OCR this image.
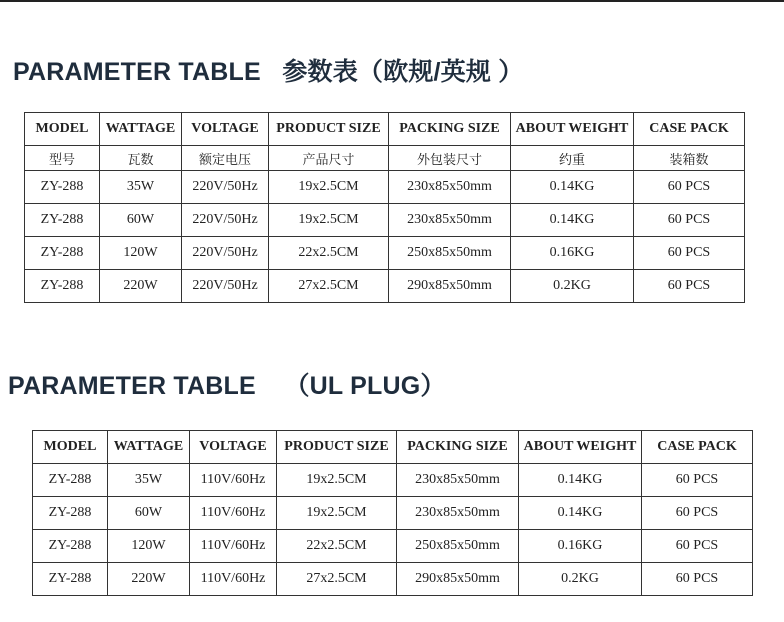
PARAMETER TABLE   参数表（欧规/英规 ）
MODEL	WATTAGE	VOLTAGE	PRODUCT SIZE	PACKING SIZE	ABOUT WEIGHT	CASE PACK
型号	瓦数	额定电压	产品尺寸	外包装尺寸	约重	装箱数
ZY-288	35W	220V/50Hz	19x2.5CM	230x85x50mm	0.14KG	60 PCS
ZY-288	60W	220V/50Hz	19x2.5CM	230x85x50mm	0.14KG	60 PCS
ZY-288	120W	220V/50Hz	22x2.5CM	250x85x50mm	0.16KG	60 PCS
ZY-288	220W	220V/50Hz	27x2.5CM	290x85x50mm	0.2KG	60 PCS
PARAMETER TABLE    （UL PLUG）
MODEL	WATTAGE	VOLTAGE	PRODUCT SIZE	PACKING SIZE	ABOUT WEIGHT	CASE PACK
ZY-288	35W	110V/60Hz	19x2.5CM	230x85x50mm	0.14KG	60 PCS
ZY-288	60W	110V/60Hz	19x2.5CM	230x85x50mm	0.14KG	60 PCS
ZY-288	120W	110V/60Hz	22x2.5CM	250x85x50mm	0.16KG	60 PCS
ZY-288	220W	110V/60Hz	27x2.5CM	290x85x50mm	0.2KG	60 PCS
